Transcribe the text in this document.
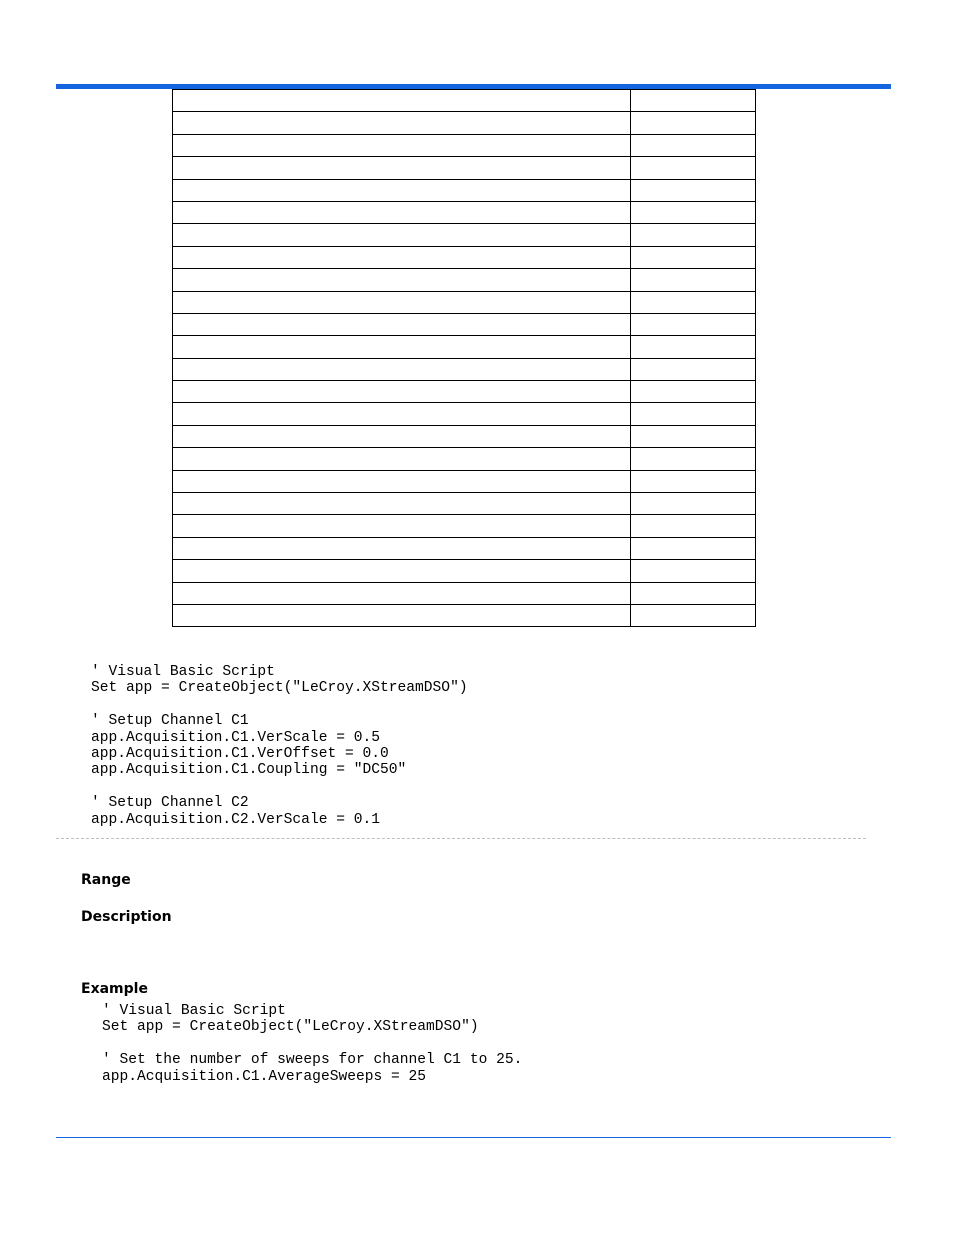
' Visual Basic Script
Set app = CreateObject("LeCroy.XStreamDSO")

' Setup Channel C1
app.Acquisition.C1.VerScale = 0.5
app.Acquisition.C1.VerOffset = 0.0
app.Acquisition.C1.Coupling = "DC50"

' Setup Channel C2
app.Acquisition.C2.VerScale = 0.1
Range
Description
Example
' Visual Basic Script
Set app = CreateObject("LeCroy.XStreamDSO")

' Set the number of sweeps for channel C1 to 25.
app.Acquisition.C1.AverageSweeps = 25
